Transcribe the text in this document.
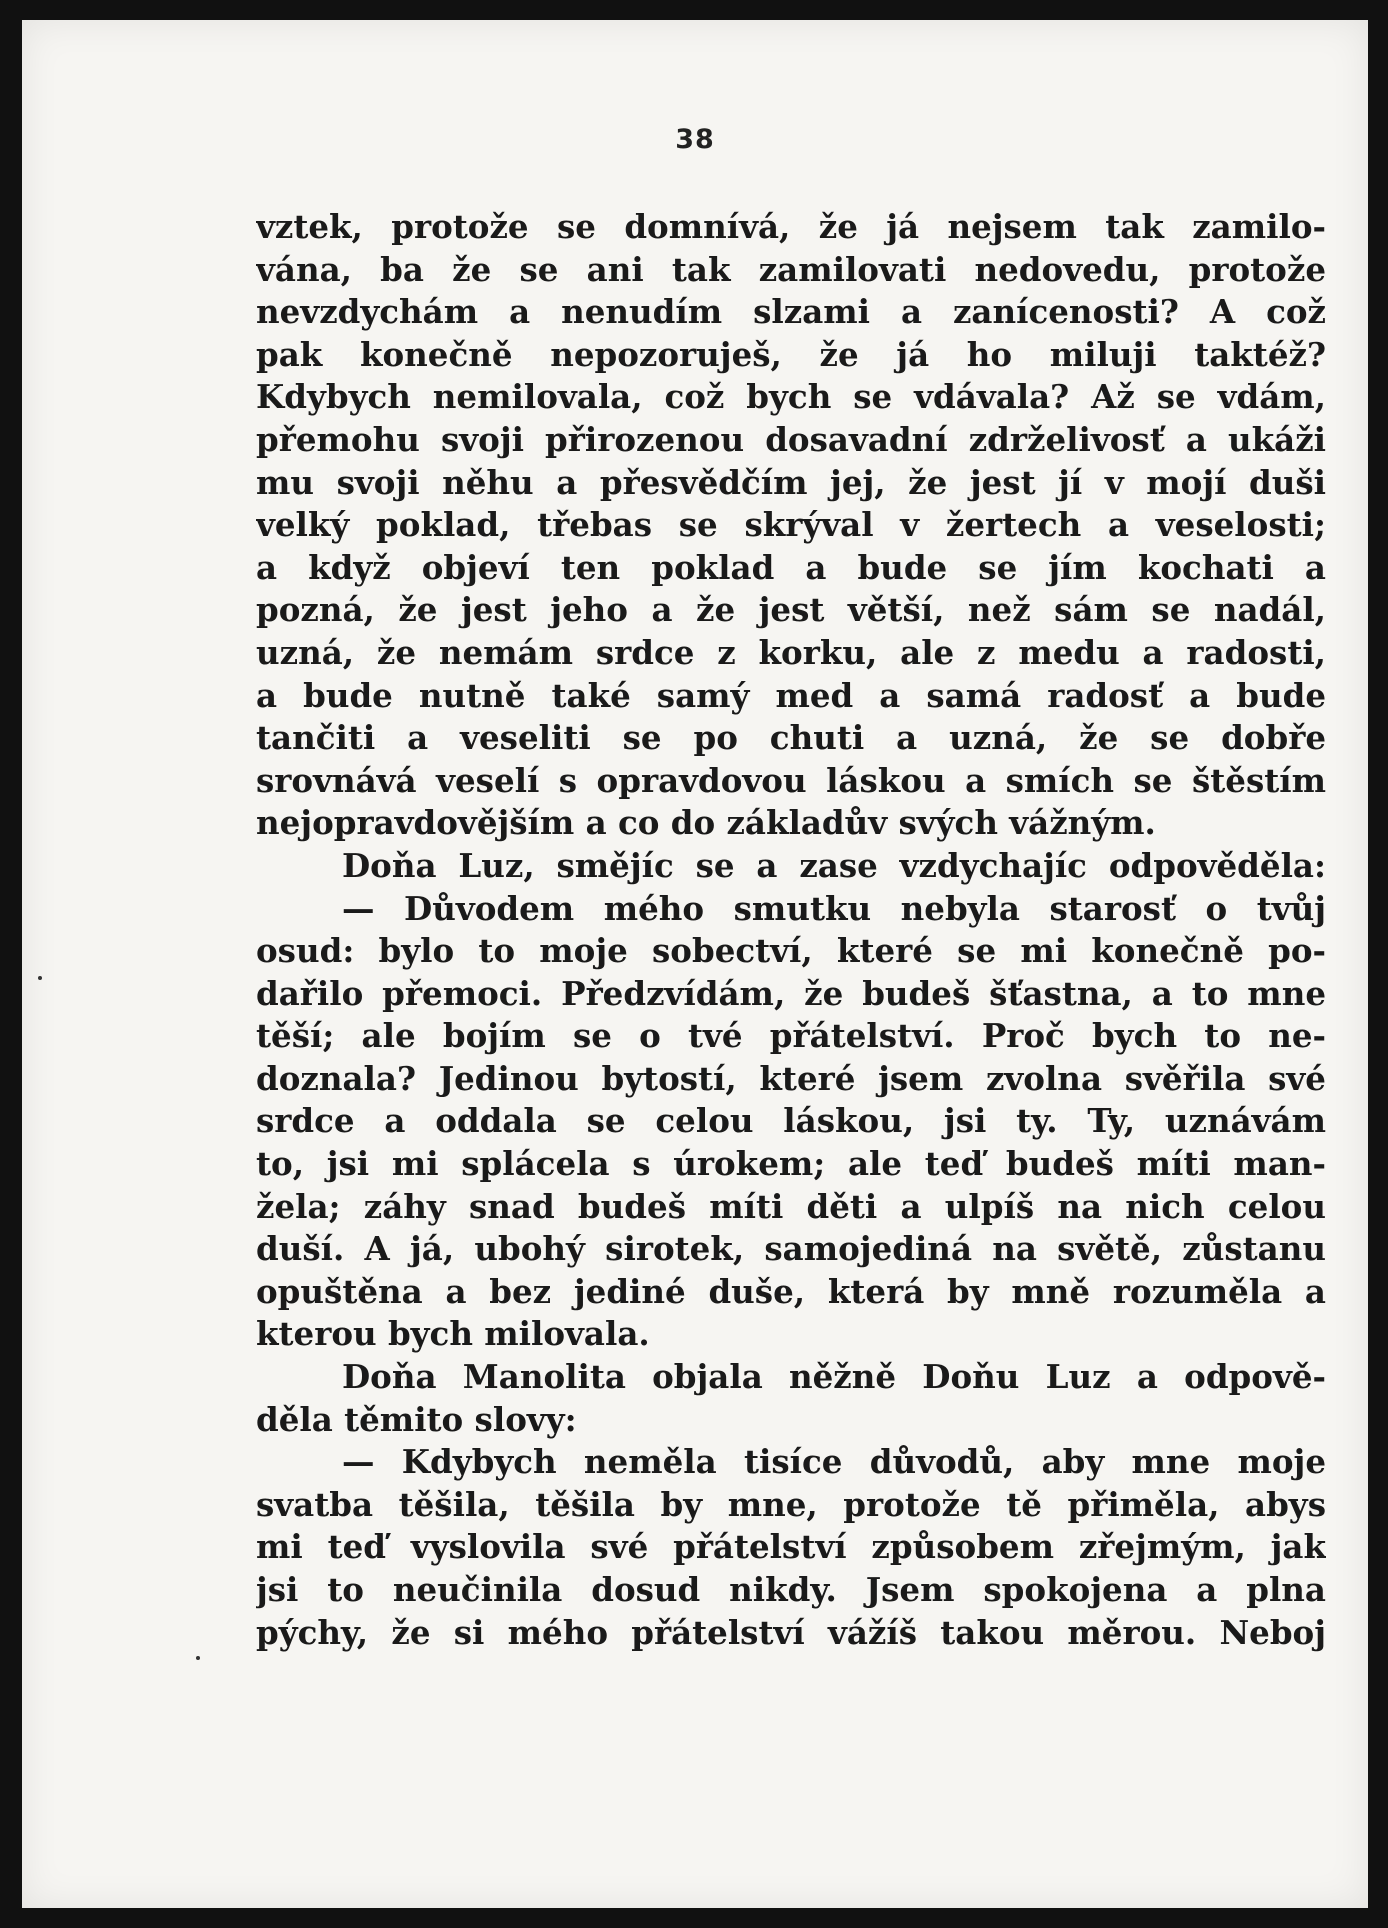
38
vztek, protože se domnívá, že já nejsem tak zamilo-
vána, ba že se ani tak zamilovati nedovedu, protože
nevzdychám a nenudím slzami a zanícenosti? A což
pak konečně nepozoruješ, že já ho miluji taktéž?
Kdybych nemilovala, což bych se vdávala? Až se vdám,
přemohu svoji přirozenou dosavadní zdrželivosť a ukáži
mu svoji něhu a přesvědčím jej, že jest jí v mojí duši
velký poklad, třebas se skrýval v žertech a veselosti;
a když objeví ten poklad a bude se jím kochati a
pozná, že jest jeho a že jest větší, než sám se nadál,
uzná, že nemám srdce z korku, ale z medu a radosti,
a bude nutně také samý med a samá radosť a bude
tančiti a veseliti se po chuti a uzná, že se dobře
srovnává veselí s opravdovou láskou a smích se štěstím
nejopravdovějším a co do základův svých vážným.
Doňa Luz, smějíc se a zase vzdychajíc odpověděla:
— Důvodem mého smutku nebyla starosť o tvůj
osud: bylo to moje sobectví, které se mi konečně po-
dařilo přemoci. Předzvídám, že budeš šťastna, a to mne
těší; ale bojím se o tvé přátelství. Proč bych to ne-
doznala? Jedinou bytostí, které jsem zvolna svěřila své
srdce a oddala se celou láskou, jsi ty. Ty, uznávám
to, jsi mi splácela s úrokem; ale teď budeš míti man-
žela; záhy snad budeš míti děti a ulpíš na nich celou
duší. A já, ubohý sirotek, samojediná na světě, zůstanu
opuštěna a bez jediné duše, která by mně rozuměla a
kterou bych milovala.
Doňa Manolita objala něžně Doňu Luz a odpově-
děla těmito slovy:
— Kdybych neměla tisíce důvodů, aby mne moje
svatba těšila, těšila by mne, protože tě přiměla, abys
mi teď vyslovila své přátelství způsobem zřejmým, jak
jsi to neučinila dosud nikdy. Jsem spokojena a plna
pýchy, že si mého přátelství vážíš takou měrou. Neboj
